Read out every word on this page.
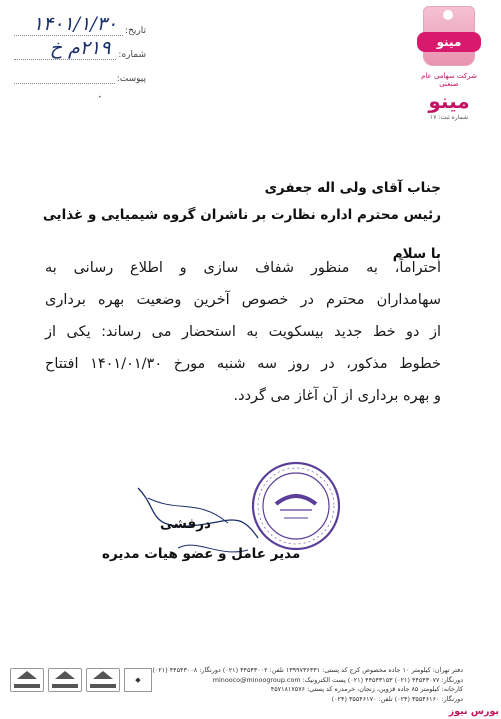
تاریخ:
۱۴۰۱/۱/۳۰
شماره:
۲۱۹م خ
پیوست:
•
مینو
شرکت سهامی عام صنعتی
مینو
شماره ثبت: ۱۷
جناب آقای ولی اله جعفری
رئیس محترم اداره نظارت بر ناشران گروه شیمیایی و غذایی
با سلام
احتراماً، به منظور شفاف سازی و اطلاع رسانی به
سهامداران محترم در خصوص آخرین وضعیت بهره برداری
از دو خط جدید بیسکویت به استحضار می رساند: یکی از
خطوط مذکور، در روز سه شنبه مورخ ۱۴۰۱/۰۱/۳۰ افتتاح
و بهره برداری از آن آغاز می گردد.
درفشی
مدیر عامل و عضو هیات مدیره
◆
دفتر تهران: کیلومتر ۱۰ جاده مخصوص کرج کد پستی: ۱۳۹۹۷۳۶۴۳۱ تلفن: ۴۴۵۴۳۰۰۲ (۰۲۱) دورنگار: ۴۴۵۴۳۰۰۸ (۰۲۱)
دورنگار: ۴۴۵۴۳۰۷۷ (۰۲۱) ۴۴۵۴۳۱۵۳ (۰۲۱) پست الکترونیک: minooco@minoogroup.com
کارخانه: کیلومتر ۸۵ جاده قزوین، زنجان، خرمدره کد پستی: ۴۵۷۱۸۱۷۵۷۶
دورنگار: ۳۵۵۴۶۱۶۰ (۰۲۴) تلفن: ۳۵۵۴۶۱۷۰ (۰۲۴)
بورس نیوز
